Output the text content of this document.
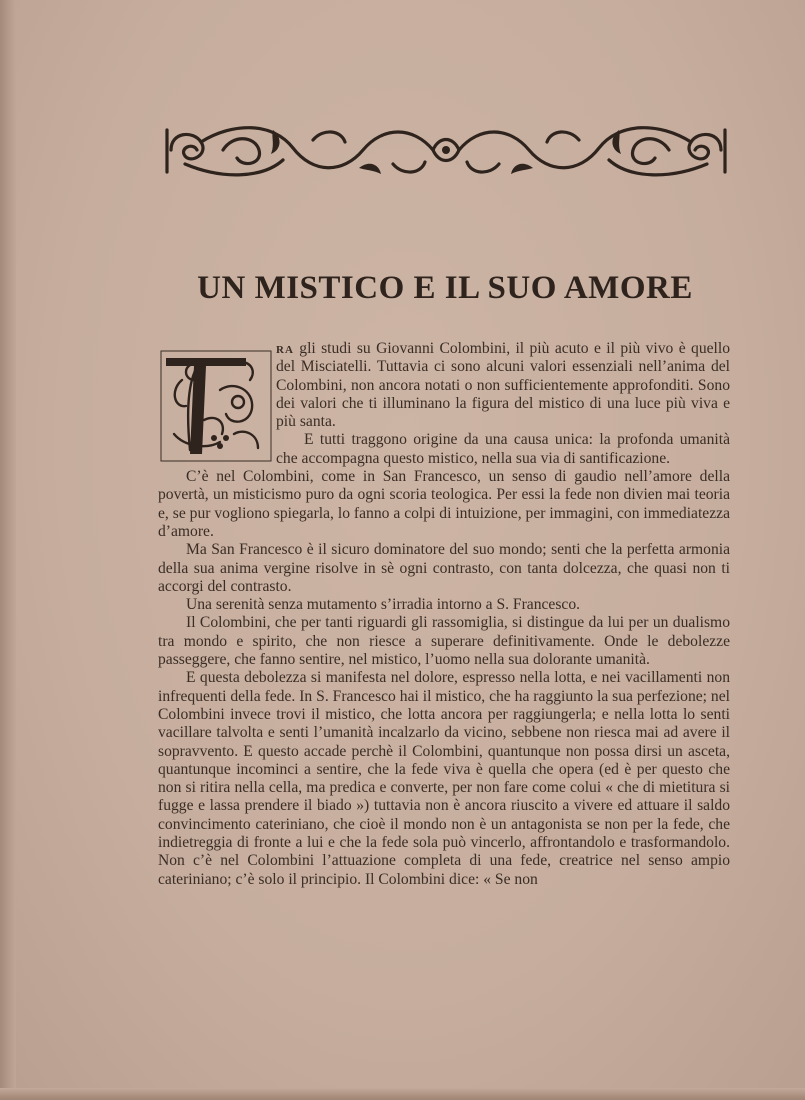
UN MISTICO E IL SUO AMORE

ra gli studi su Giovanni Colombini, il più acuto e il più vivo è quello del Misciatelli. Tuttavia ci sono alcuni valori essenziali nell’anima del Colombini, non ancora notati o non sufficientemente approfonditi. Sono dei valori che ti illuminano la figura del mistico di una luce più viva e più santa.

E tutti traggono origine da una causa unica: la profonda umanità che accompagna questo mistico, nella sua via di santificazione.

C’è nel Colombini, come in San Francesco, un senso di gaudio nell’amore della povertà, un misticismo puro da ogni scoria teologica. Per essi la fede non divien mai teoria e, se pur vogliono spiegarla, lo fanno a colpi di intuizione, per immagini, con immediatezza d’amore.

Ma San Francesco è il sicuro dominatore del suo mondo; senti che la perfetta armonia della sua anima vergine risolve in sè ogni contrasto, con tanta dolcezza, che quasi non ti accorgi del contrasto.

Una serenità senza mutamento s’irradia intorno a S. Francesco.

Il Colombini, che per tanti riguardi gli rassomiglia, si distingue da lui per un dualismo tra mondo e spirito, che non riesce a superare definitivamente. Onde le debolezze passeggere, che fanno sentire, nel mistico, l’uomo nella sua dolorante umanità.

E questa debolezza si manifesta nel dolore, espresso nella lotta, e nei vacillamenti non infrequenti della fede. In S. Francesco hai il mistico, che ha raggiunto la sua perfezione; nel Colombini invece trovi il mistico, che lotta ancora per raggiungerla; e nella lotta lo senti vacillare talvolta e senti l’umanità incalzarlo da vicino, sebbene non riesca mai ad avere il sopravvento. E questo accade perchè il Colombini, quantunque non possa dirsi un asceta, quantunque incominci a sentire, che la fede viva è quella che opera (ed è per questo che non si ritira nella cella, ma predica e converte, per non fare come colui « che di mietitura si fugge e lassa prendere il biado ») tuttavia non è ancora riuscito a vivere ed attuare il saldo convincimento cateriniano, che cioè il mondo non è un antagonista se non per la fede, che indietreggia di fronte a lui e che la fede sola può vincerlo, affrontandolo e trasformandolo. Non c’è nel Colombini l’attuazione completa di una fede, creatrice nel senso ampio cateriniano; c’è solo il principio. Il Colombini dice: « Se non
